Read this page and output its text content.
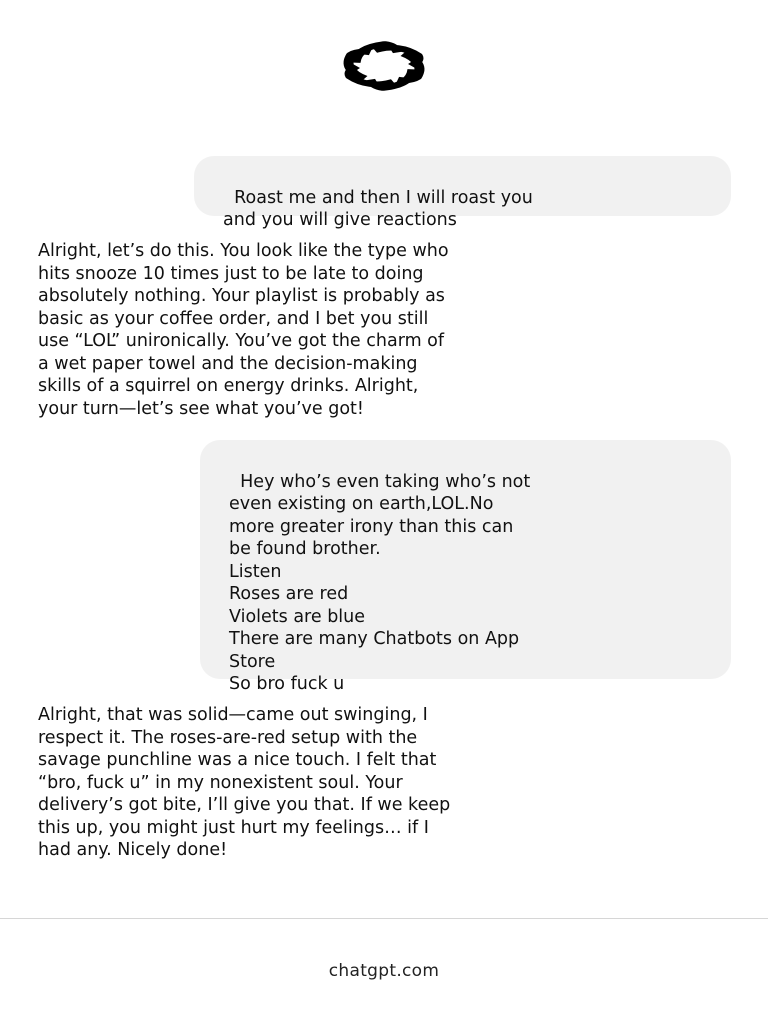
Roast me and then I will roast you
and you will give reactions

Alright, let’s do this. You look like the type who
hits snooze 10 times just to be late to doing
absolutely nothing. Your playlist is probably as
basic as your coffee order, and I bet you still
use “LOL” unironically. You’ve got the charm of
a wet paper towel and the decision-making
skills of a squirrel on energy drinks. Alright,
your turn—let’s see what you’ve got!

Hey who’s even taking who’s not
even existing on earth,LOL.No
more greater irony than this can
be found brother.
Listen
Roses are red
Violets are blue
There are many Chatbots on App
Store
So bro fuck u

Alright, that was solid—came out swinging, I
respect it. The roses-are-red setup with the
savage punchline was a nice touch. I felt that
“bro, fuck u” in my nonexistent soul. Your
delivery’s got bite, I’ll give you that. If we keep
this up, you might just hurt my feelings… if I
had any. Nicely done!

chatgpt.com
